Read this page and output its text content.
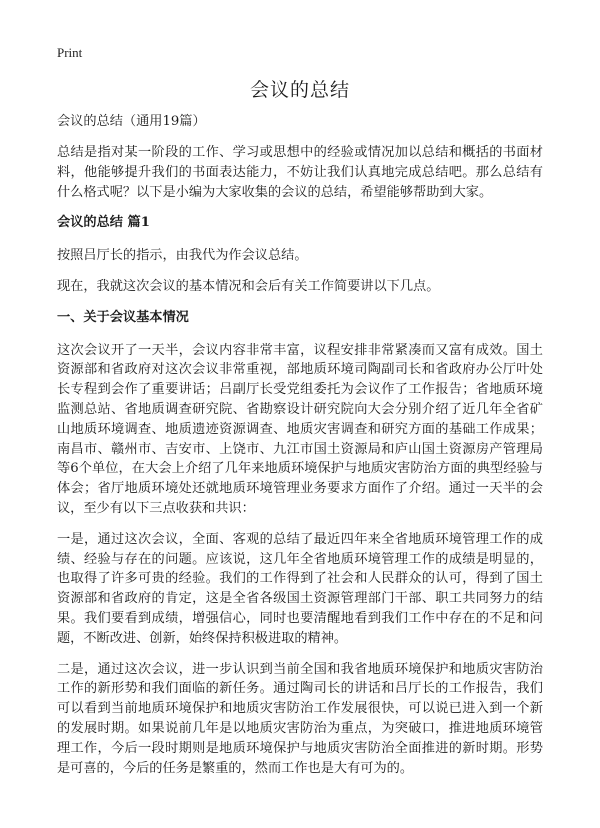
Print
会议的总结
会议的总结（通用19篇）

总结是指对某一阶段的工作、学习或思想中的经验或情况加以总结和概括的书面材料，他能够提升我们的书面表达能力，不妨让我们认真地完成总结吧。那么总结有什么格式呢？以下是小编为大家收集的会议的总结，希望能够帮助到大家。

会议的总结 篇1

按照吕厅长的指示，由我代为作会议总结。

现在，我就这次会议的基本情况和会后有关工作简要讲以下几点。

一、关于会议基本情况

这次会议开了一天半，会议内容非常丰富，议程安排非常紧凑而又富有成效。国土资源部和省政府对这次会议非常重视，部地质环境司陶副司长和省政府办公厅叶处长专程到会作了重要讲话；吕副厅长受党组委托为会议作了工作报告；省地质环境监测总站、省地质调查研究院、省勘察设计研究院向大会分别介绍了近几年全省矿山地质环境调查、地质遗迹资源调查、地质灾害调查和研究方面的基础工作成果；南昌市、赣州市、吉安市、上饶市、九江市国土资源局和庐山国土资源房产管理局等6个单位，在大会上介绍了几年来地质环境保护与地质灾害防治方面的典型经验与体会；省厅地质环境处还就地质环境管理业务要求方面作了介绍。通过一天半的会议，至少有以下三点收获和共识：

一是，通过这次会议，全面、客观的总结了最近四年来全省地质环境管理工作的成绩、经验与存在的问题。应该说，这几年全省地质环境管理工作的成绩是明显的，也取得了许多可贵的经验。我们的工作得到了社会和人民群众的认可，得到了国土资源部和省政府的肯定，这是全省各级国土资源管理部门干部、职工共同努力的结果。我们要看到成绩，增强信心，同时也要清醒地看到我们工作中存在的不足和问题，不断改进、创新，始终保持积极进取的精神。

二是，通过这次会议，进一步认识到当前全国和我省地质环境保护和地质灾害防治工作的新形势和我们面临的新任务。通过陶司长的讲话和吕厅长的工作报告，我们可以看到当前地质环境保护和地质灾害防治工作发展很快，可以说已进入到一个新的发展时期。如果说前几年是以地质灾害防治为重点，为突破口，推进地质环境管理工作，今后一段时期则是地质环境保护与地质灾害防治全面推进的新时期。形势是可喜的，今后的任务是繁重的，然而工作也是大有可为的。
